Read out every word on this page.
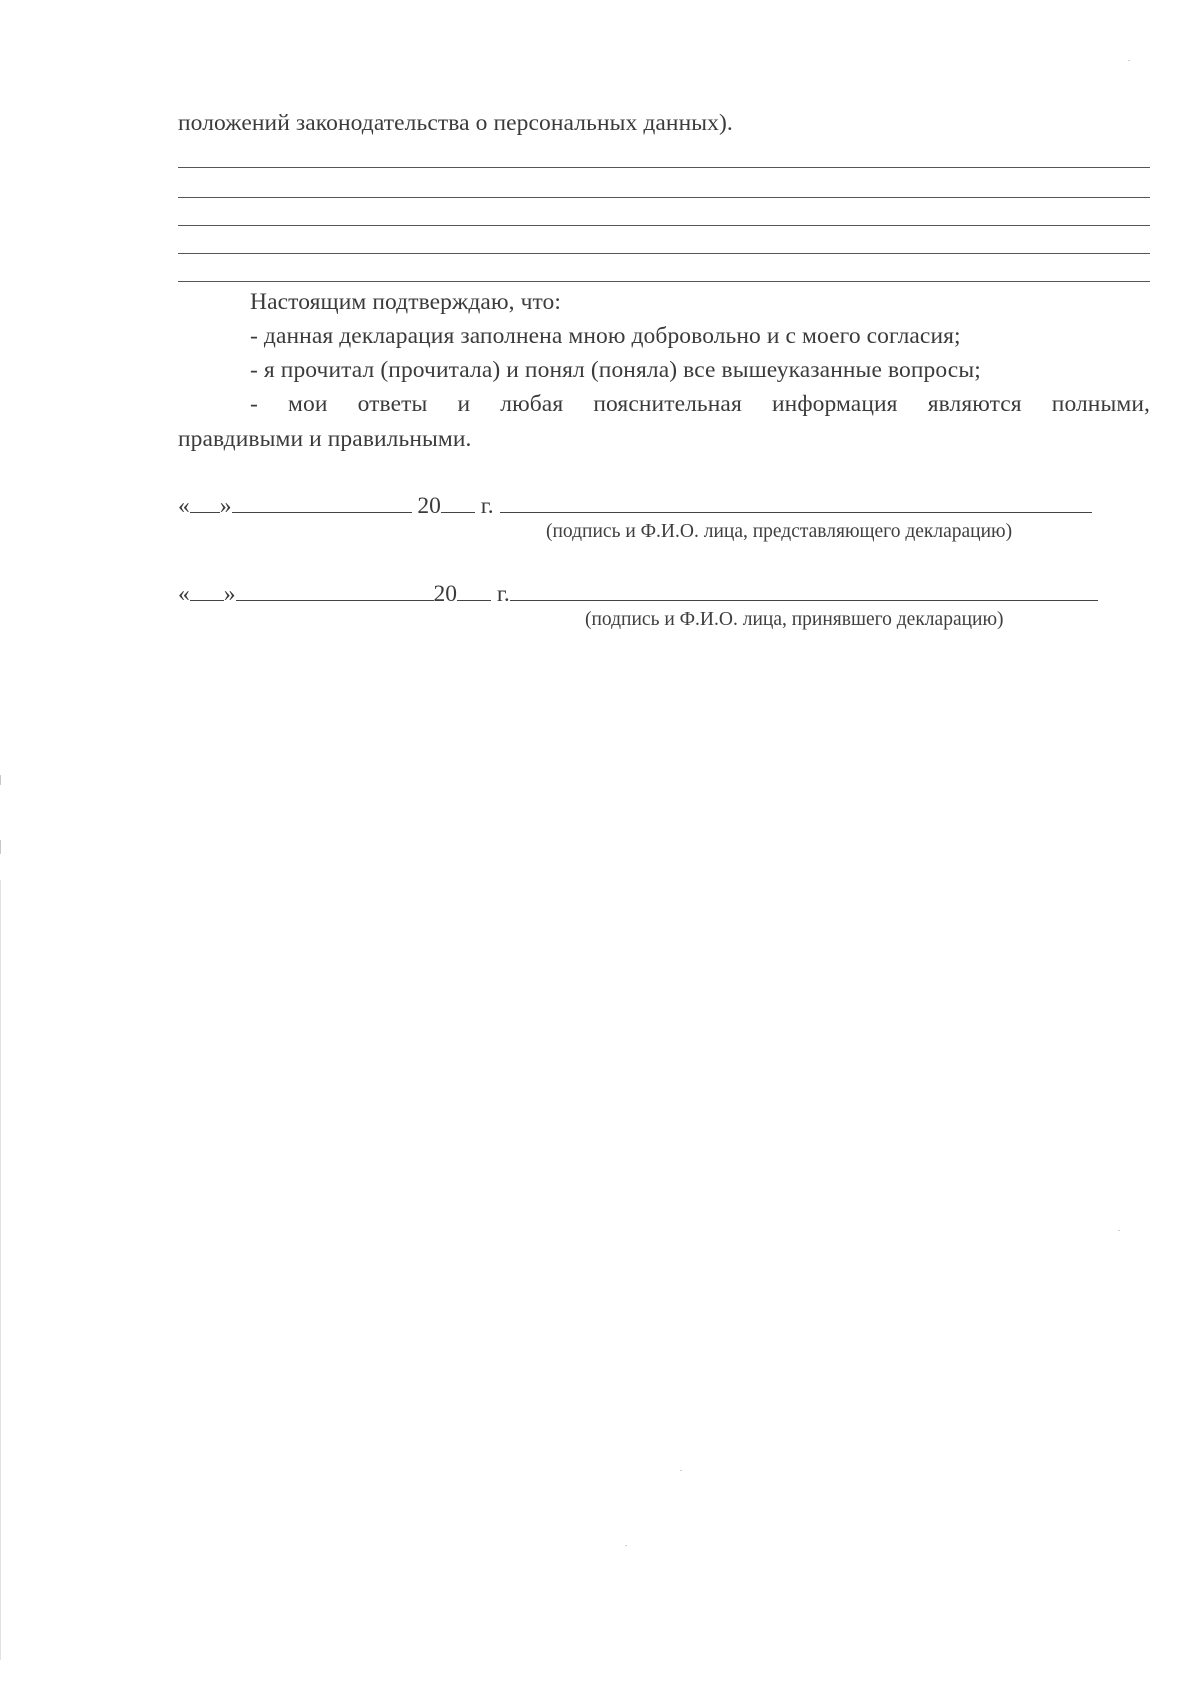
положений законодательства о персональных данных).
Настоящим подтверждаю, что:
- данная декларация заполнена мною добровольно и с моего согласия;
- я прочитал (прочитала) и понял (поняла) все вышеуказанные вопросы;
- мои ответы и любая пояснительная информация являются полными,
правдивыми и правильными.
« »	20 г.
(подпись и Ф.И.О. лица, представляющего декларацию)
« »	20 г.
(подпись и Ф.И.О. лица, принявшего декларацию)
